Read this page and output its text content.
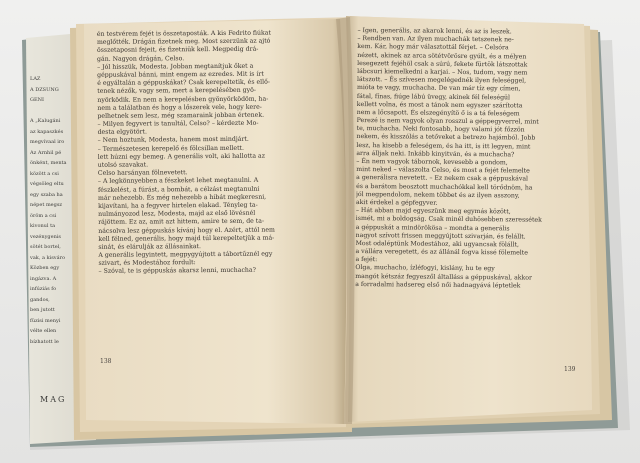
LAZ
A DZSUNG
GENI
A „Kalugáni
az kapaszkés
megvívaal iro
Az Arnhil pé
önként, menta
között a csi
végsöleg eltu
egy szaba ha
népet megsz
öröm a csi
kivonul ta
vezénygenis
sötét bortel,
vak, a kisváro
Közben egy
ingázva. A
infúziás fo
gandos,
ben jutott
füzisi menyi
vélte ellen
bízhatott le
MAG
én testvérem fejét is összetaposták. A kis Fedrito fiúkat
meglőtték. Drágán fizetnek meg. Most szerzünk az ajtó
összetaposni fejeit, és fizetniük kell. Megpedig drá-
gán. Nagyon drágán, Celso.
– Jól hisszük, Modesta. Jobban megtanítjuk őket a
géppuskával bánni, mint engem az ezredes. Mit is írt
é egyáltalán a géppuskákat? Csak kerepeltetik, és ellő-
tenek nézők, vagy sem, mert a kerepelésében gyö-
nyörködik. En nem a kerepelésben gyönyörködöm, ha-
nem a találatban és hogy a lőszerek vele, hogy kere-
pelhetnek sem lesz, még szamaraink jobban értenek.
– Milyen fegyvert is tanultál, Celso? – kérdezte Mo-
desta elgyötört.
– Nem hoztunk, Modesta, hanem most mindjárt.
– Természetesen kerepelő és fölcsillan mellett.
lett húzni egy bemeg. A generális volt, aki hallotta az
utolsó szavakat.
Celso harsányan fölnevetett.
– A legkönnyebben a fészkeket lehet megtanulni. A
fészkelést, a fúrást, a bombát, a célzást megtanulni
már nehezebb. És még nehezebb a hibát megkeresni,
kijavítani, ha a fegyver hirtelen elakad. Tényleg ta-
nulmányozod lesz, Modesta, majd az első lövésnél
rájöttem. Ez az, amit azt hittem, amire te sem, de ta-
nácsolva lesz géppuskás kívánj hogy el. Azért, attól nem
kell félned, generális, hogy majd túl kerepeltetjük a má-
sinát, és elárulják az állásainkat.
A generális legyintett, megpygyújtott a tábortűznél egy
szivart, és Modestához fordult:
– Szóval, te is géppuskás akarsz lenni, muchacha?
138
– Igen, generális, az akarok lenni, és az is leszek.
– Rendben van. Az ilyen muchachák tetszenek ne-
kem. Kár, hogy már választottál férjet. – Celsóra
nézett, akinek az arca sötétvörösre gyúlt, és a mélyen
lesegezett fejéhöl csak a súrú, fekete fürtök látszottak
lábcsuri kiemelkedni a karjai. – Nos, tudom, vagy nem
látszott. – És szívesen megelégednék ilyen feleséggel,
mióta te vagy, muchacha. De van már tíz egy címen,
fátal, fínas, fiúge lábú üvegy, akinek fél feleségül
kellett volna, és most a tánok nem egyszer szárította
nem a lőcsapott. És elszegényítö ő is a tá feleségem
Perezé is nem vagyok olyan rosszul a géppegyverrel, mint
te, muchacha. Neki fontosabb, hogy valami jót főzzön
nekem, és kisszólás a tetőveket a betrezo hajámból. Jobb
lesz, ha kisebb a feleségem, és ha itt, is itt legyen, mint
arra álljak neki. Inkább kinyitván, és a muchacha?
– Én nem vagyok tábornok, kevesebb a gondom,
mint neked – válaszolta Celso, és most a fejét felemelte
a generálisra nevetett. – Ez nekem csak a géppuskával
és a barátom beosztott muchachókkal kell törődnöm, ha
jól megpendolom, nekem többet és az ilyen asszony,
akit érdekel a gépfegyver.
– Hát abban majd egyeszünk meg egymás között,
ismét, mi a boldogság. Csak minél duhösebben szeressétek
a géppuskát a mindörökösa – mondta a generális
nagyot szívott frissen meggyújtott szivarján, és felállt.
Most odaléptünk Modestához, aki ugyancsak fölállt,
a vállára veregetett, és az állánál fogva kissé fölemelte
a fejét:
Olga, muchacho, ízléfogyi, kislány, hu te egy
mangót kétszáz fegyeszől általláss a géppuskával, akkor
a forradalmi hadsereg első női hadnagyává léptetlek
139
